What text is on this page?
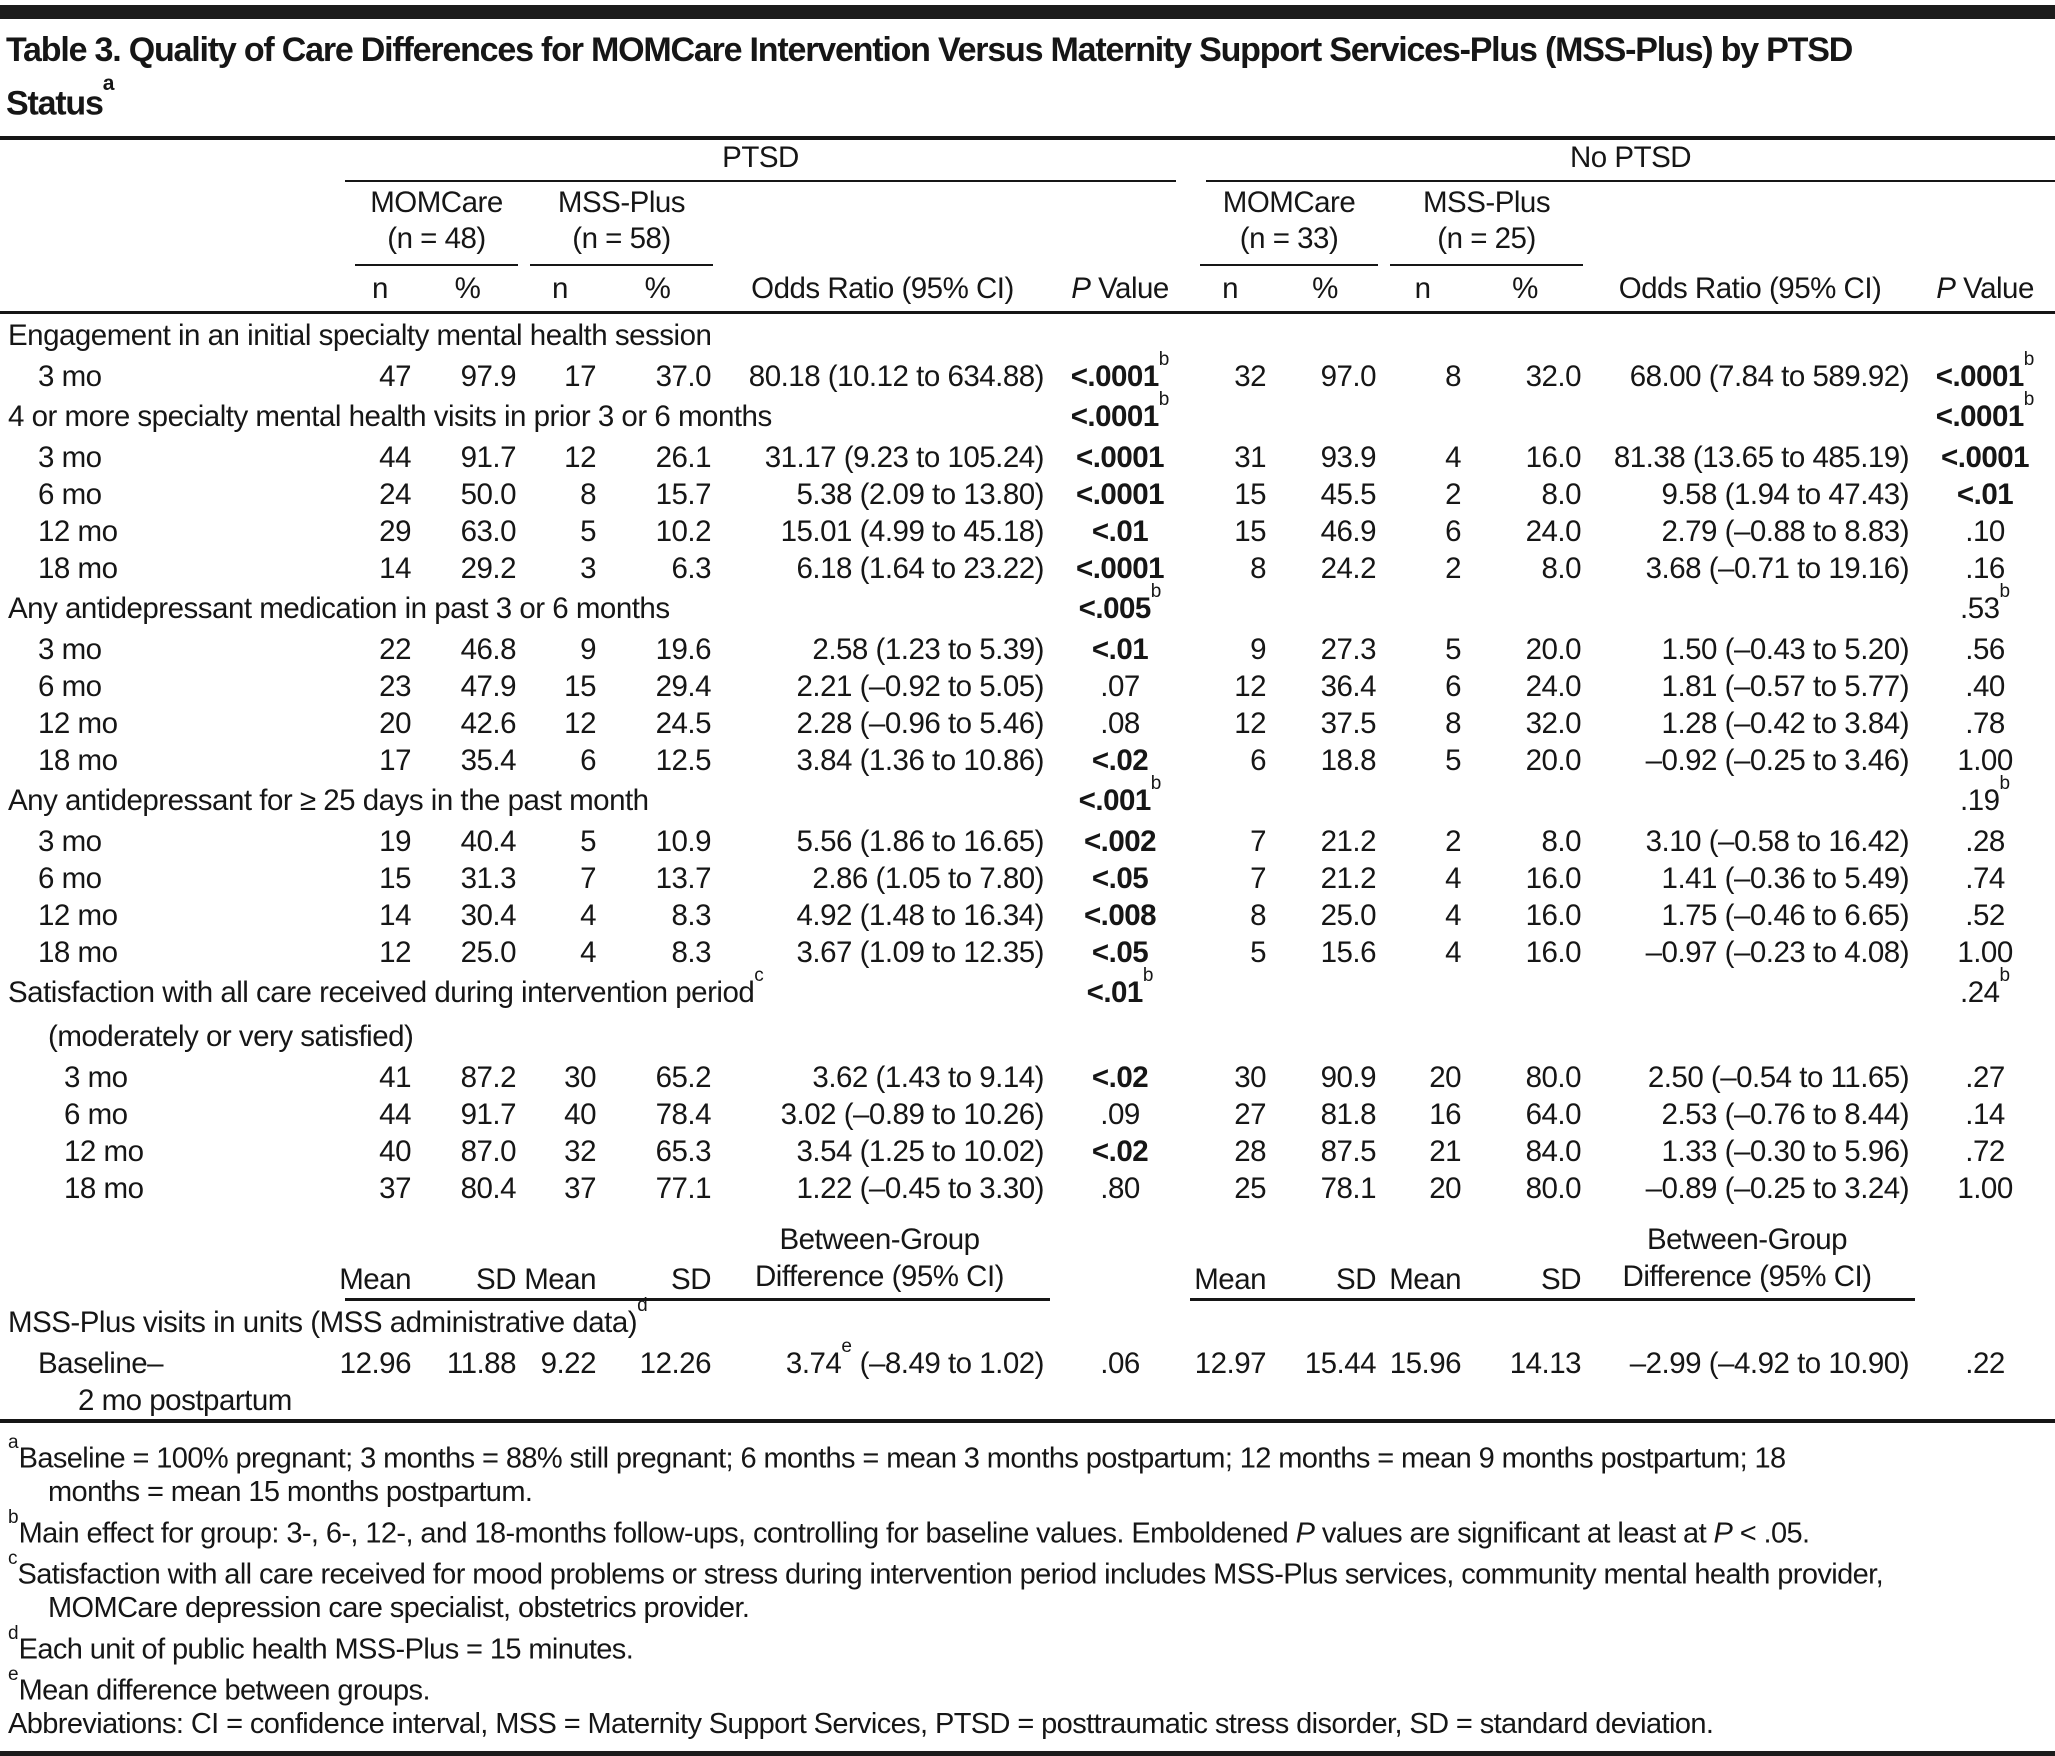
Table 3. Quality of Care Differences for MOMCare Intervention Versus Maternity Support Services-Plus (MSS-Plus) by PTSD
Status$^a$

	PTSD						No PTSD					

	MOMCare
(n = 48)		MSS-Plus
(n = 58)				MOMCare
(n = 33)		MSS-Plus
(n = 25)			

	n	%	n	%	Odds Ratio (95% CI)	P Value	n	%	n	%	Odds Ratio (95% CI)	P Value
Engagement in an initial specialty mental health session												
3 mo	47	97.9	17	37.0	80.18 (10.12 to 634.88)	<.0001$^b$	32	97.0	8	32.0	68.00 (7.84 to 589.92)	<.0001$^b$
4 or more specialty mental health visits in prior 3 or 6 months						<.0001$^b$						<.0001$^b$
3 mo	44	91.7	12	26.1	31.17 (9.23 to 105.24)	<.0001	31	93.9	4	16.0	81.38 (13.65 to 485.19)	<.0001
6 mo	24	50.0	8	15.7	5.38 (2.09 to 13.80)	<.0001	15	45.5	2	8.0	9.58 (1.94 to 47.43)	<.01
12 mo	29	63.0	5	10.2	15.01 (4.99 to 45.18)	<.01	15	46.9	6	24.0	2.79 (–0.88 to 8.83)	.10
18 mo	14	29.2	3	6.3	6.18 (1.64 to 23.22)	<.0001	8	24.2	2	8.0	3.68 (–0.71 to 19.16)	.16
Any antidepressant medication in past 3 or 6 months						<.005$^b$						.53$^b$
3 mo	22	46.8	9	19.6	2.58 (1.23 to 5.39)	<.01	9	27.3	5	20.0	1.50 (–0.43 to 5.20)	.56
6 mo	23	47.9	15	29.4	2.21 (–0.92 to 5.05)	.07	12	36.4	6	24.0	1.81 (–0.57 to 5.77)	.40
12 mo	20	42.6	12	24.5	2.28 (–0.96 to 5.46)	.08	12	37.5	8	32.0	1.28 (–0.42 to 3.84)	.78
18 mo	17	35.4	6	12.5	3.84 (1.36 to 10.86)	<.02	6	18.8	5	20.0	–0.92 (–0.25 to 3.46)	1.00
Any antidepressant for ≥ 25 days in the past month						<.001$^b$						.19$^b$
3 mo	19	40.4	5	10.9	5.56 (1.86 to 16.65)	<.002	7	21.2	2	8.0	3.10 (–0.58 to 16.42)	.28
6 mo	15	31.3	7	13.7	2.86 (1.05 to 7.80)	<.05	7	21.2	4	16.0	1.41 (–0.36 to 5.49)	.74
12 mo	14	30.4	4	8.3	4.92 (1.48 to 16.34)	<.008	8	25.0	4	16.0	1.75 (–0.46 to 6.65)	.52
18 mo	12	25.0	4	8.3	3.67 (1.09 to 12.35)	<.05	5	15.6	4	16.0	–0.97 (–0.23 to 4.08)	1.00
Satisfaction with all care received during intervention period$^c$
(moderately or very satisfied)						<.01$^b$						.24$^b$
3 mo	41	87.2	30	65.2	3.62 (1.43 to 9.14)	<.02	30	90.9	20	80.0	2.50 (–0.54 to 11.65)	.27
6 mo	44	91.7	40	78.4	3.02 (–0.89 to 10.26)	.09	27	81.8	16	64.0	2.53 (–0.76 to 8.44)	.14
12 mo	40	87.0	32	65.3	3.54 (1.25 to 10.02)	<.02	28	87.5	21	84.0	1.33 (–0.30 to 5.96)	.72
18 mo	37	80.4	37	77.1	1.22 (–0.45 to 3.30)	.80	25	78.1	20	80.0	–0.89 (–0.25 to 3.24)	1.00
	Mean	SD	Mean	SD	
Between-Group
Difference (95% CI)		Mean	SD	Mean	SD	
Between-Group
Difference (95% CI)

MSS-Plus visits in units (MSS administrative data)$^d$			
Baseline–
2 mo postpartum	12.96	11.88	9.22	12.26	3.74e (–8.49 to 1.02)	.06	12.97	15.44	15.96	14.13	–2.99 (–4.92 to 10.90)	.22
$^a$Baseline = 100% pregnant; 3 months = 88% still pregnant; 6 months = mean 3 months postpartum; 12 months = mean 9 months postpartum; 18
months = mean 15 months postpartum.
$^b$Main effect for group: 3-, 6-, 12-, and 18-months follow-ups, controlling for baseline values. Emboldened P values are significant at least at P < .05.
$^c$Satisfaction with all care received for mood problems or stress during intervention period includes MSS-Plus services, community mental health provider,
MOMCare depression care specialist, obstetrics provider.
$^d$Each unit of public health MSS-Plus = 15 minutes.
$^e$Mean difference between groups.
Abbreviations: CI = confidence interval, MSS = Maternity Support Services, PTSD = posttraumatic stress disorder, SD = standard deviation.
